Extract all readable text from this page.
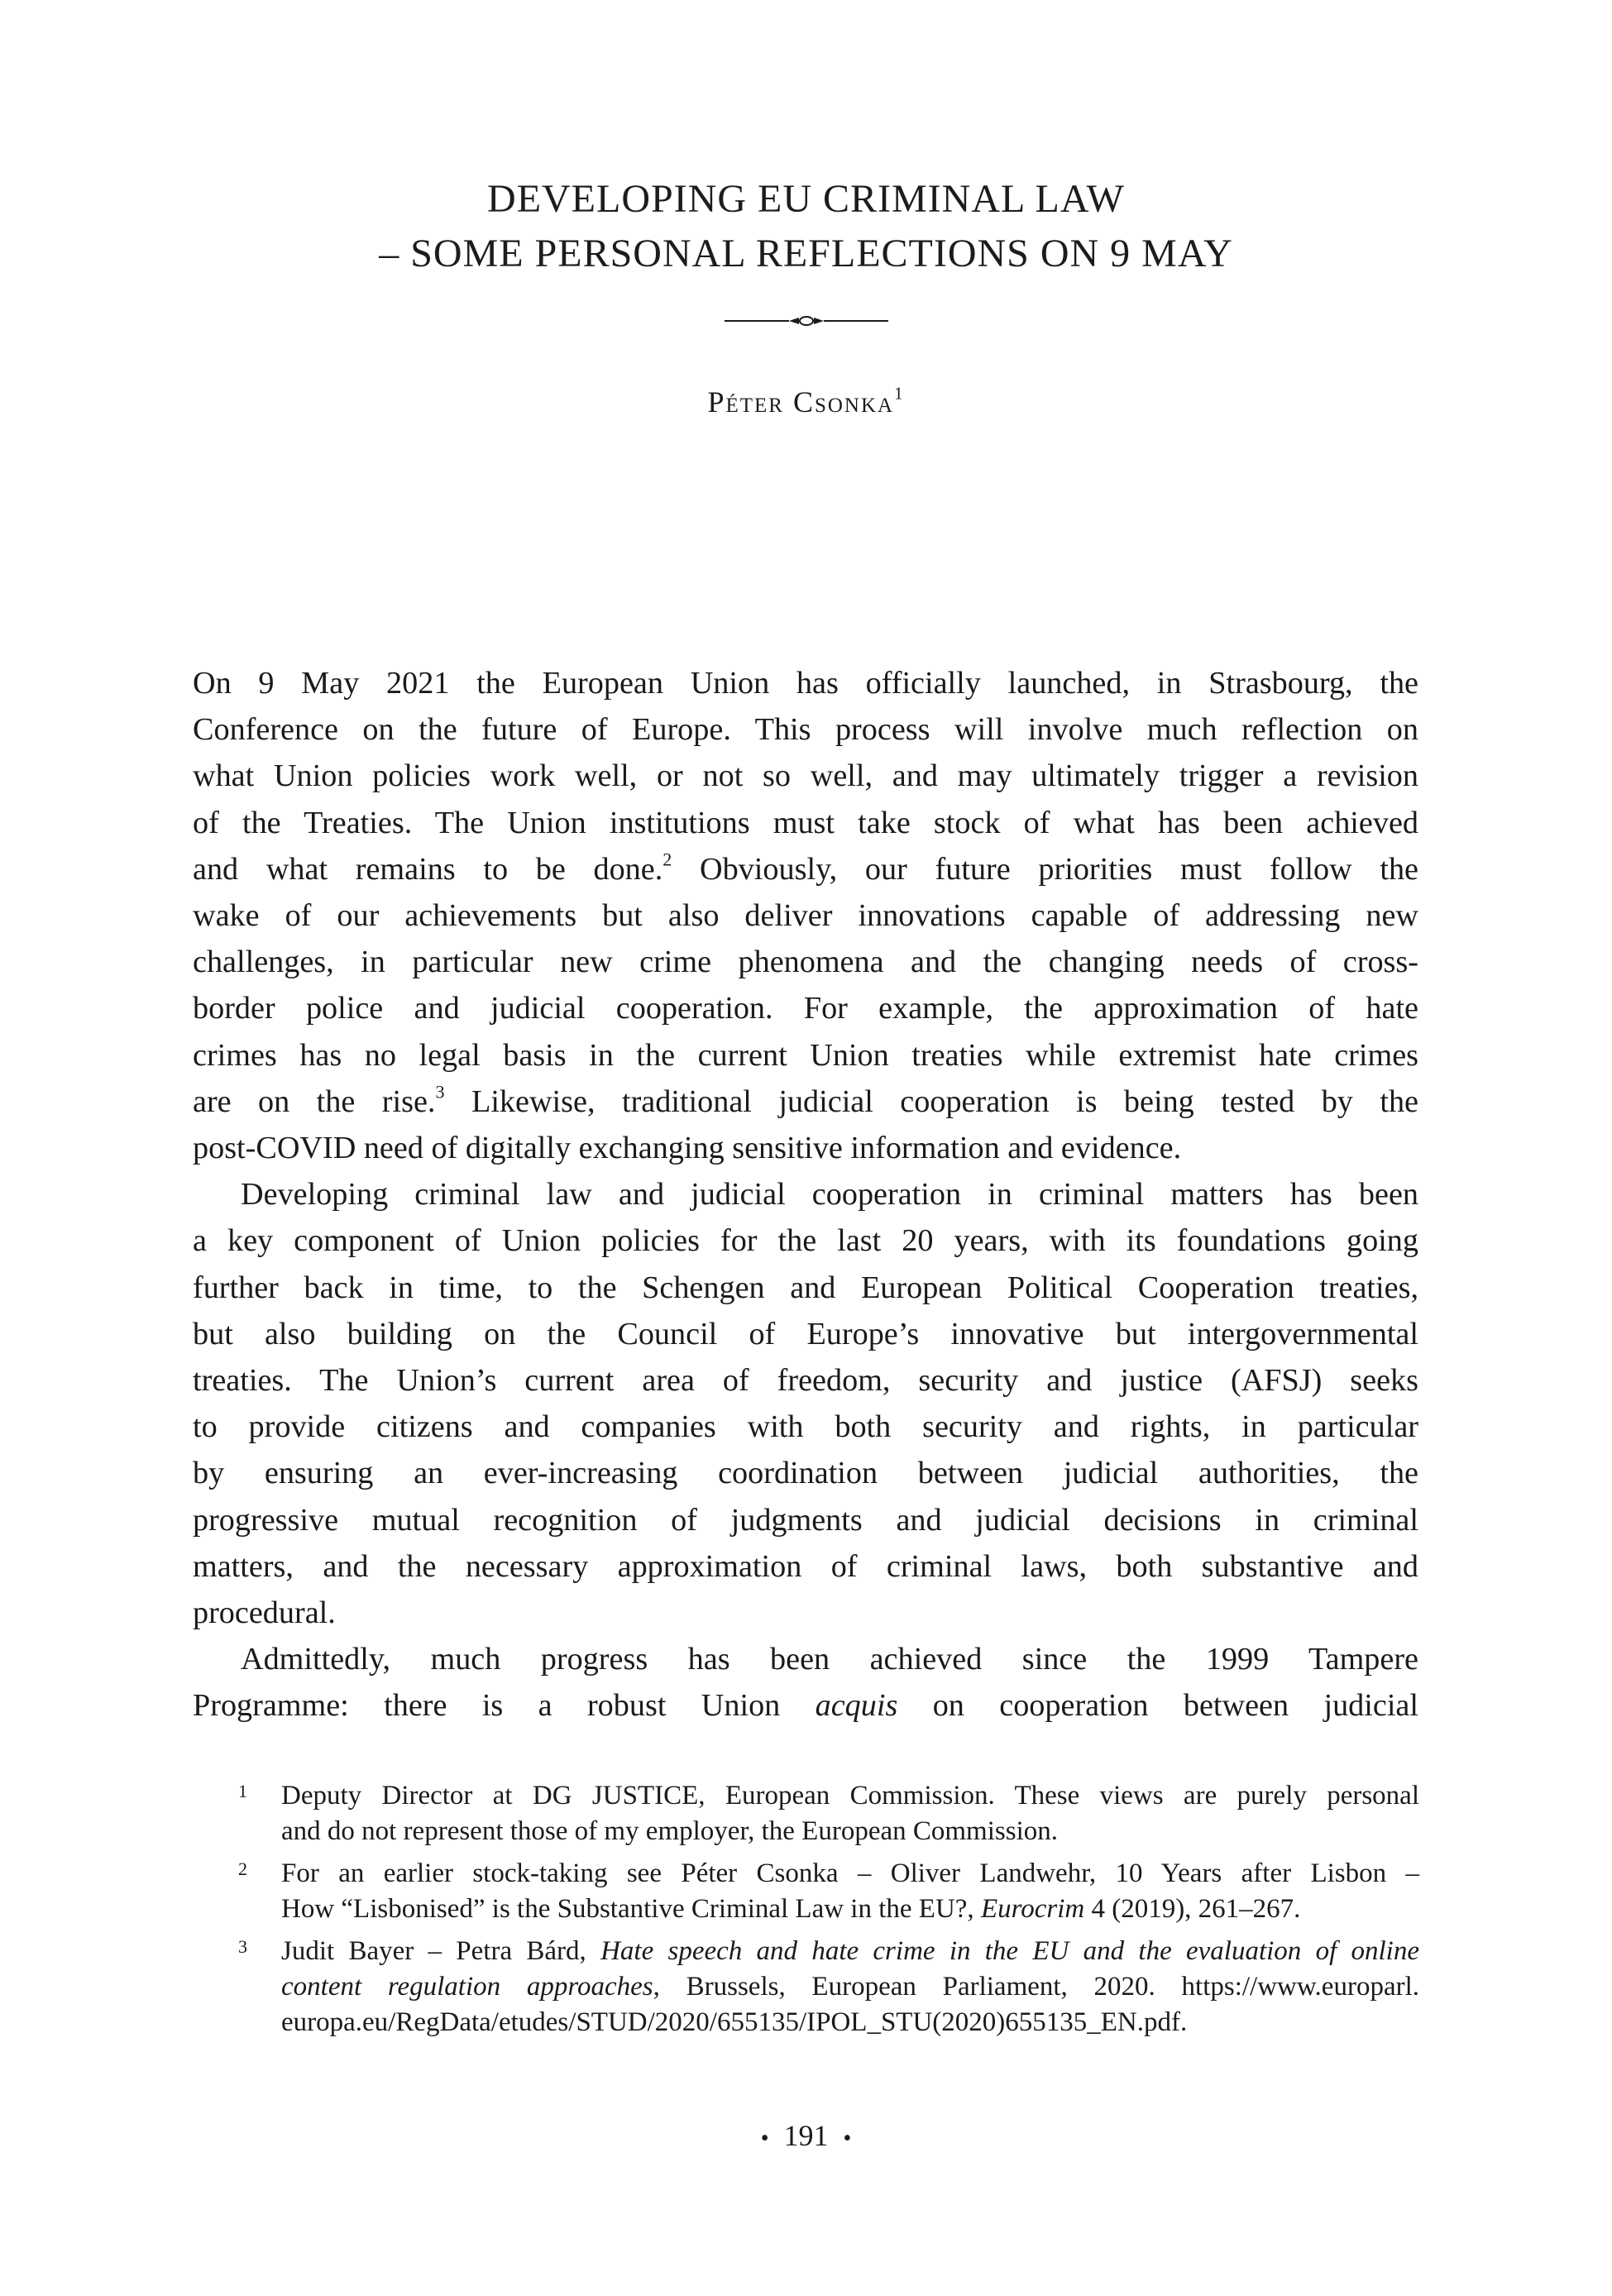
DEVELOPING EU CRIMINAL LAW
– SOME PERSONAL REFLECTIONS ON 9 MAY
Péter Csonka$^1$
On 9 May 2021 the European Union has officially launched, in Strasbourg, the
Conference on the future of Europe. This process will involve much reflection on
what Union policies work well, or not so well, and may ultimately trigger a revision
of the Treaties. The Union institutions must take stock of what has been achieved
and what remains to be done.$^2$ Obviously, our future priorities must follow the
wake of our achievements but also deliver innovations capable of addressing new
challenges, in particular new crime phenomena and the changing needs of cross-
border police and judicial cooperation. For example, the approximation of hate
crimes has no legal basis in the current Union treaties while extremist hate crimes
are on the rise.$^3$ Likewise, traditional judicial cooperation is being tested by the
post-COVID need of digitally exchanging sensitive information and evidence.
Developing criminal law and judicial cooperation in criminal matters has been
a key component of Union policies for the last 20 years, with its foundations going
further back in time, to the Schengen and European Political Cooperation treaties,
but also building on the Council of Europe’s innovative but intergovernmental
treaties. The Union’s current area of freedom, security and justice (AFSJ) seeks
to provide citizens and companies with both security and rights, in particular
by ensuring an ever-increasing coordination between judicial authorities, the
progressive mutual recognition of judgments and judicial decisions in criminal
matters, and the necessary approximation of criminal laws, both substantive and
procedural.
Admittedly, much progress has been achieved since the 1999 Tampere
Programme: there is a robust Union acquis on cooperation between judicial
1 Deputy Director at DG JUSTICE, European Commission. These views are purely personal
and do not represent those of my employer, the European Commission.
2 For an earlier stock-taking see Péter Csonka – Oliver Landwehr, 10 Years after Lisbon –
How “Lisbonised” is the Substantive Criminal Law in the EU?, Eurocrim 4 (2019), 261–267.
3 Judit Bayer – Petra Bárd, Hate speech and hate crime in the EU and the evaluation of online
content regulation approaches, Brussels, European Parliament, 2020. https://www.europarl.
europa.eu/RegData/etudes/STUD/2020/655135/IPOL_STU(2020)655135_EN.pdf.
• 191 •
